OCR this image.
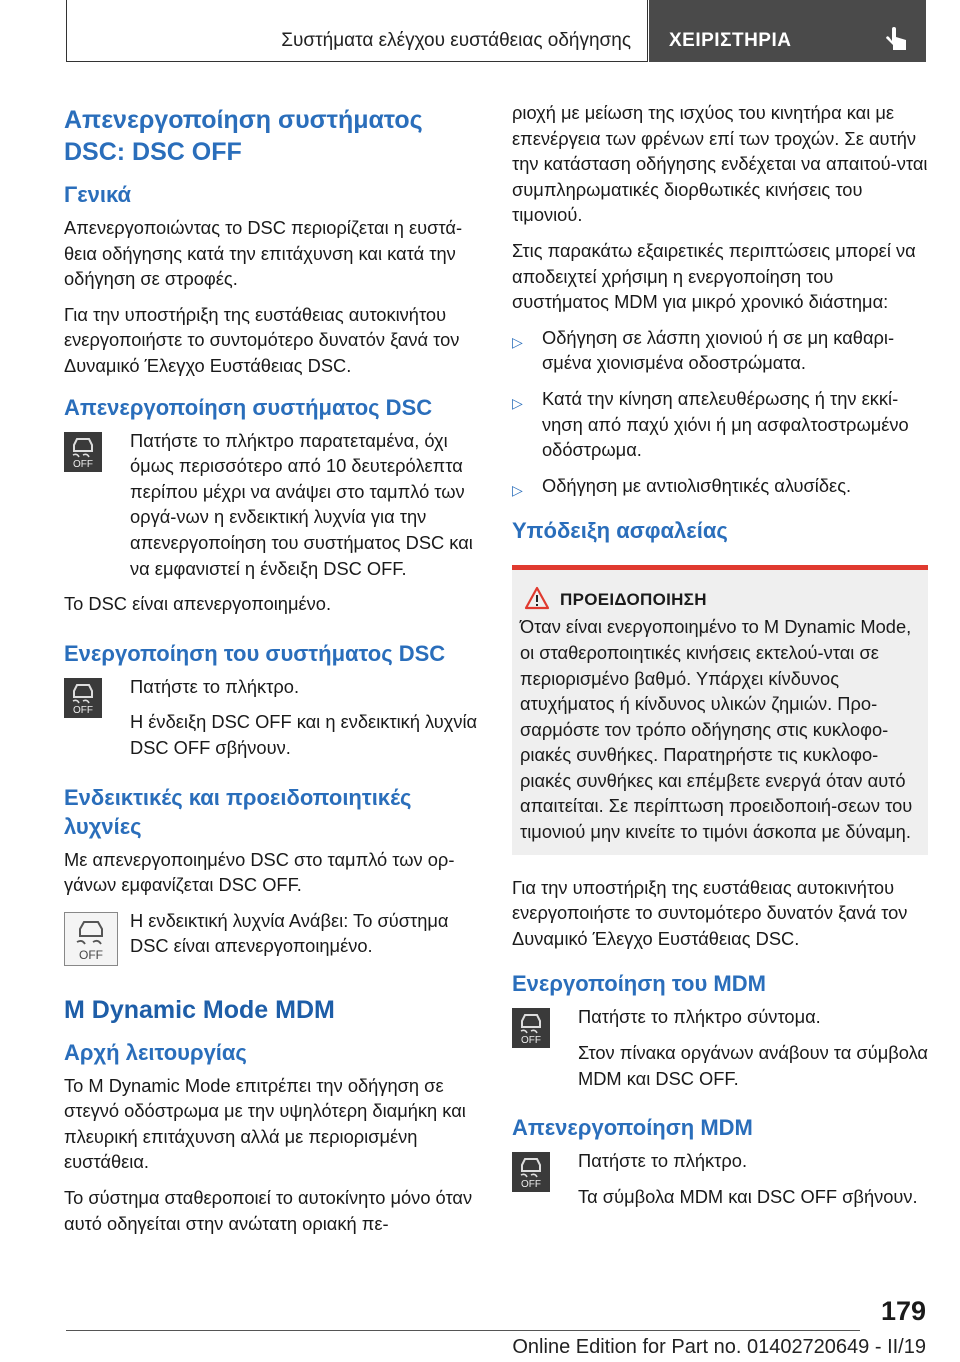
Συστήματα ελέγχου ευστάθειας οδήγησης ΧΕΙΡΙΣΤΗΡΙΑ
Απενεργοποίηση συστήματος DSC: DSC OFF
Γενικά

Απενεργοποιώντας το DSC περιορίζεται η ευστά-θεια οδήγησης κατά την επιτάχυνση και κατά την οδήγηση σε στροφές.

Για την υποστήριξη της ευστάθειας αυτοκινήτου ενεργοποιήστε το συντομότερο δυνατόν ξανά τον Δυναμικό Έλεγχο Ευστάθειας DSC.

Απενεργοποίηση συστήματος DSC
OFF

Πατήστε το πλήκτρο παρατεταμένα, όχι όμως περισσότερο από 10 δευτερόλεπτα περίπου μέχρι να ανάψει στο ταμπλό των οργά-νων η ενδεικτική λυχνία για την απενεργοποίηση του συστήματος DSC και να εμφανιστεί η ένδειξη DSC OFF.

Το DSC είναι απενεργοποιημένο.

Ενεργοποίηση του συστήματος DSC
OFF

Πατήστε το πλήκτρο.

Η ένδειξη DSC OFF και η ενδεικτική λυχνία DSC OFF σβήνουν.

Ενδεικτικές και προειδοποιητικές λυχνίες

Με απενεργοποιημένο DSC στο ταμπλό των ορ-γάνων εμφανίζεται DSC OFF.

OFF

Η ενδεικτική λυχνία Ανάβει: Το σύστημα DSC είναι απενεργοποιημένο.

M Dynamic Mode MDM
Αρχή λειτουργίας

Το M Dynamic Mode επιτρέπει την οδήγηση σε στεγνό οδόστρωμα με την υψηλότερη διαμήκη και πλευρική επιτάχυνση αλλά με περιορισμένη ευστάθεια.

Το σύστημα σταθεροποιεί το αυτοκίνητο μόνο όταν αυτό οδηγείται στην ανώτατη οριακή πε-

ριοχή με μείωση της ισχύος του κινητήρα και με επενέργεια των φρένων επί των τροχών. Σε αυτήν την κατάσταση οδήγησης ενδέχεται να απαιτού-νται συμπληρωματικές διορθωτικές κινήσεις του τιμονιού.

Στις παρακάτω εξαιρετικές περιπτώσεις μπορεί να αποδειχτεί χρήσιμη η ενεργοποίηση του συστήματος MDM για μικρό χρονικό διάστημα:

▷ Οδήγηση σε λάσπη χιονιού ή σε μη καθαρι-σμένα χιονισμένα οδοστρώματα.
▷ Κατά την κίνηση απελευθέρωσης ή την εκκί-νηση από παχύ χιόνι ή μη ασφαλτοστρωμένο οδόστρωμα.
▷ Οδήγηση με αντιολισθητικές αλυσίδες.
Υπόδειξη ασφαλείας
ΠΡΟΕΙΔΟΠΟΙΗΣΗ

Όταν είναι ενεργοποιημένο το M Dynamic Mode, οι σταθεροποιητικές κινήσεις εκτελού-νται σε περιορισμένο βαθμό. Υπάρχει κίνδυνος ατυχήματος ή κίνδυνος υλικών ζημιών. Προ-σαρμόστε τον τρόπο οδήγησης στις κυκλοφο-ριακές συνθήκες. Παρατηρήστε τις κυκλοφο-ριακές συνθήκες και επέμβετε ενεργά όταν αυτό απαιτείται. Σε περίπτωση προειδοποιή-σεων του τιμονιού μην κινείτε το τιμόνι άσκοπα με δύναμη.

Για την υποστήριξη της ευστάθειας αυτοκινήτου ενεργοποιήστε το συντομότερο δυνατόν ξανά τον Δυναμικό Έλεγχο Ευστάθειας DSC.

Ενεργοποίηση του MDM
OFF

Πατήστε το πλήκτρο σύντομα.

Στον πίνακα οργάνων ανάβουν τα σύμβολα MDM και DSC OFF.

Απενεργοποίηση MDM
OFF

Πατήστε το πλήκτρο.

Τα σύμβολα MDM και DSC OFF σβήνουν.

179
Online Edition for Part no. 01402720649 - II/19
